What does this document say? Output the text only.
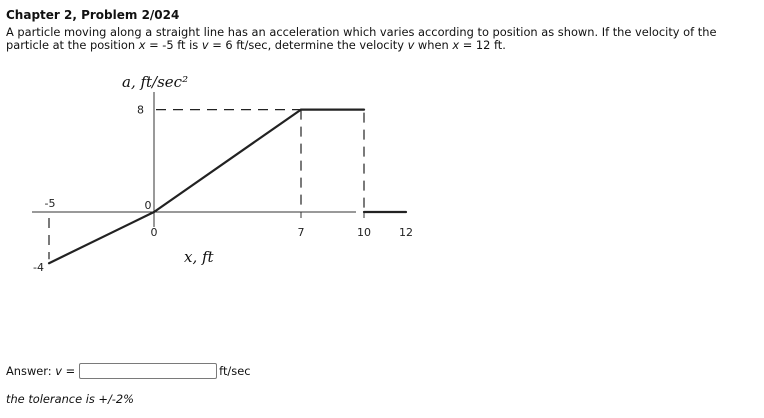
Chapter 2, Problem 2/024
A particle moving along a straight line has an acceleration which varies according to position as shown. If the velocity of the particle at the position x = -5 ft is v = 6 ft/sec, determine the velocity v when x = 12 ft.
-5
0	7	10	12
8
0
-4
a, ft/sec²
x, ft
Answer: v =	ft/sec
the tolerance is +/-2%
